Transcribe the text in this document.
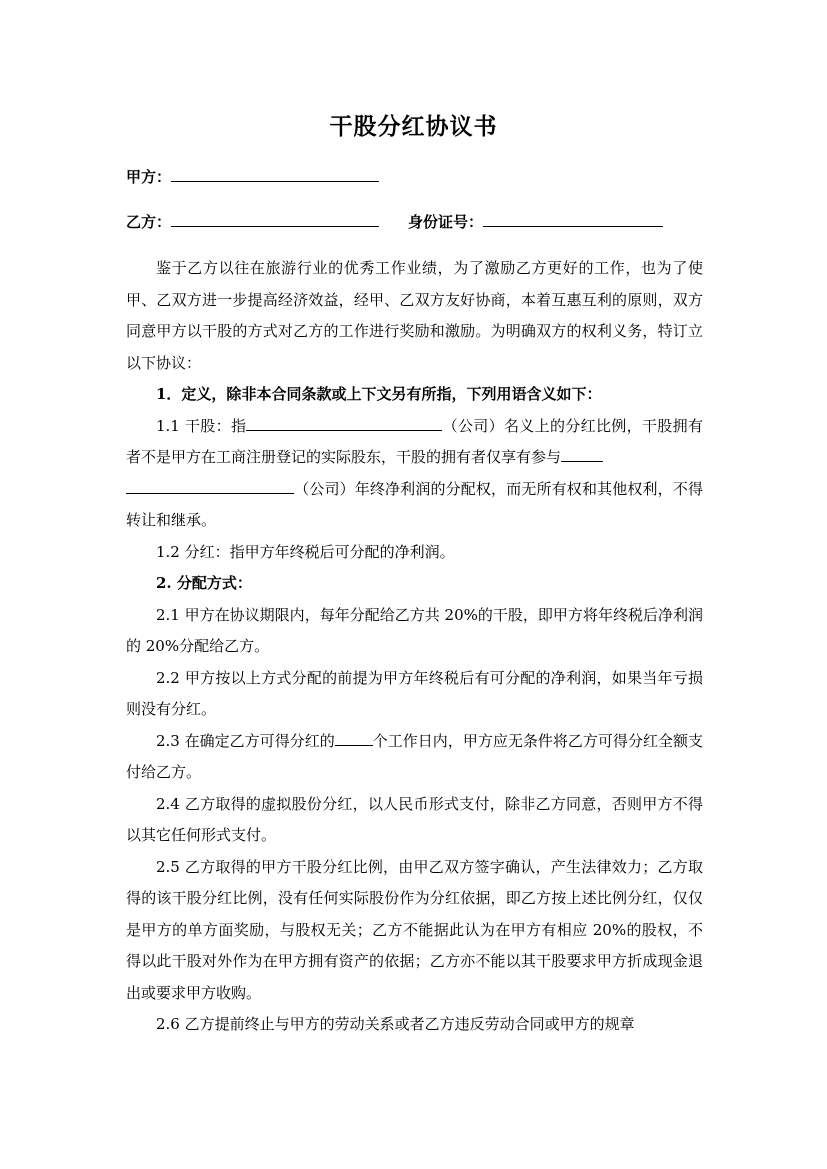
干股分红协议书
甲方：
乙方：	身份证号：

鉴于乙方以往在旅游行业的优秀工作业绩，为了激励乙方更好的工作，也为了使甲、乙双方进一步提高经济效益，经甲、乙双方友好协商，本着互惠互利的原则，双方同意甲方以干股的方式对乙方的工作进行奖励和激励。为明确双方的权利义务，特订立以下协议：

1．定义，除非本合同条款或上下文另有所指，下列用语含义如下：

1.1 干股：指	（公司）名义上的分红比例，干股拥有者不是甲方在工商注册登记的实际股东，干股的拥有者仅享有参与
（公司）年终净利润的分配权，而无所有权和其他权利，不得转让和继承。

1.2 分红：指甲方年终税后可分配的净利润。

2. 分配方式：

2.1 甲方在协议期限内，每年分配给乙方共 20%的干股，即甲方将年终税后净利润的 20%分配给乙方。

2.2 甲方按以上方式分配的前提为甲方年终税后有可分配的净利润，如果当年亏损则没有分红。

2.3 在确定乙方可得分红的	个工作日内，甲方应无条件将乙方可得分红全额支付给乙方。

2.4 乙方取得的虚拟股份分红，以人民币形式支付，除非乙方同意，否则甲方不得以其它任何形式支付。

2.5 乙方取得的甲方干股分红比例，由甲乙双方签字确认，产生法律效力；乙方取得的该干股分红比例，没有任何实际股份作为分红依据，即乙方按上述比例分红，仅仅是甲方的单方面奖励，与股权无关；乙方不能据此认为在甲方有相应 20%的股权，不得以此干股对外作为在甲方拥有资产的依据；乙方亦不能以其干股要求甲方折成现金退出或要求甲方收购。

2.6 乙方提前终止与甲方的劳动关系或者乙方违反劳动合同或甲方的规章
